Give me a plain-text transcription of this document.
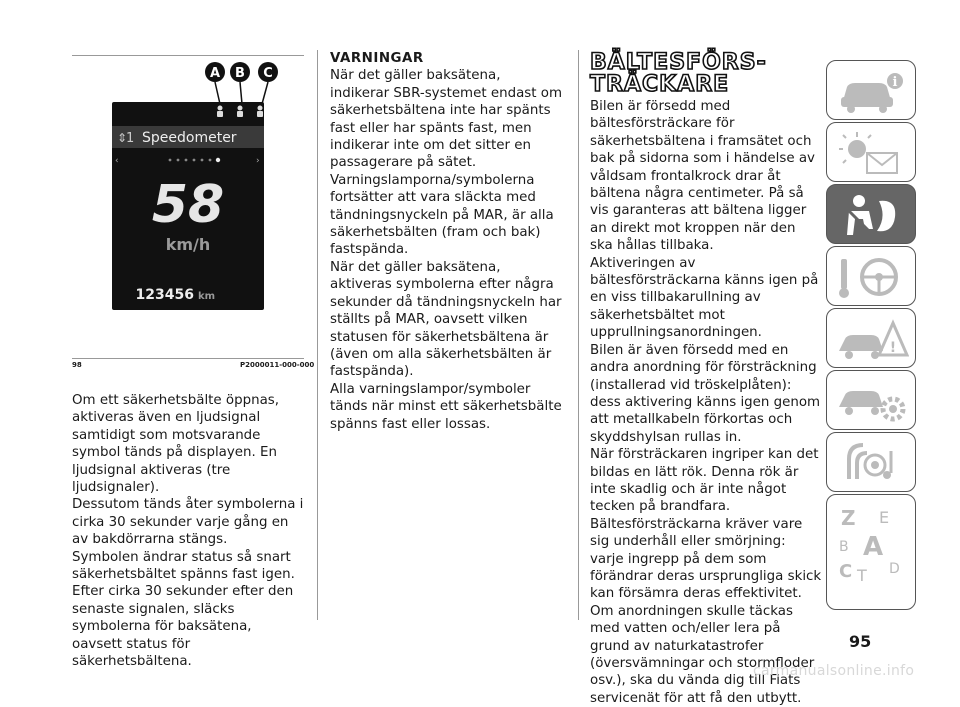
BÄLTESFÖRS-
TRÄCKARE
A B C
⇕
1 Speedometer
‹	›
58
km/h
123456 km
98	P2000011-000-000

Om ett säkerhetsbälte öppnas, aktiveras även en ljudsignal samtidigt som motsvarande symbol tänds på displayen. En ljudsignal aktiveras (tre ljudsignaler).

Dessutom tänds åter symbolerna i cirka 30 sekunder varje gång en av bakdörrarna stängs.

Symbolen ändrar status så snart säkerhetsbältet spänns fast igen.

Efter cirka 30 sekunder efter den senaste signalen, släcks symbolerna för baksätena, oavsett status för säkerhetsbältena.

VARNINGAR

När det gäller baksätena, indikerar SBR-systemet endast om säkerhetsbältena inte har spänts fast eller har spänts fast, men indikerar inte om det sitter en passagerare på sätet.

Varningslamporna/symbolerna fortsätter att vara släckta med tändningsnyckeln på MAR, är alla säkerhetsbälten (fram och bak) fastspända.

När det gäller baksätena, aktiveras symbolerna efter några sekunder då tändningsnyckeln har ställts på MAR, oavsett vilken statusen för säkerhetsbältena är (även om alla säkerhetsbälten är fastspända).

Alla varningslampor/symboler tänds när minst ett säkerhetsbälte spänns fast eller lossas.

Bilen är försedd med bältesförsträckare för säkerhetsbältena i framsätet och bak på sidorna som i händelse av våldsam frontalkrock drar åt bältena några centimeter. På så vis garanteras att bältena ligger an direkt mot kroppen när den ska hållas tillbaka.

Aktiveringen av bältesförsträckarna känns igen på en viss tillbakarullning av säkerhetsbältet mot upprullningsanordningen.

Bilen är även försedd med en andra anordning för försträckning (installerad vid tröskelplåten): dess aktivering känns igen genom att metallkabeln förkortas och skyddshylsan rullas in.

När försträckaren ingriper kan det bildas en lätt rök. Denna rök är inte skadlig och är inte något tecken på brandfara.

Bältesförsträckarna kräver vare sig underhåll eller smörjning: varje ingrepp på dem som förändrar deras ursprungliga skick kan försämra deras effektivitet.

Om anordningen skulle täckas med vatten och/eller lera på grund av naturkatastrofer (översvämningar och stormfloder osv.), ska du vända dig till Fiats servicenät för att få den utbytt.

i
!
Z E
B A
C T D
95
carmanualsonline.info
